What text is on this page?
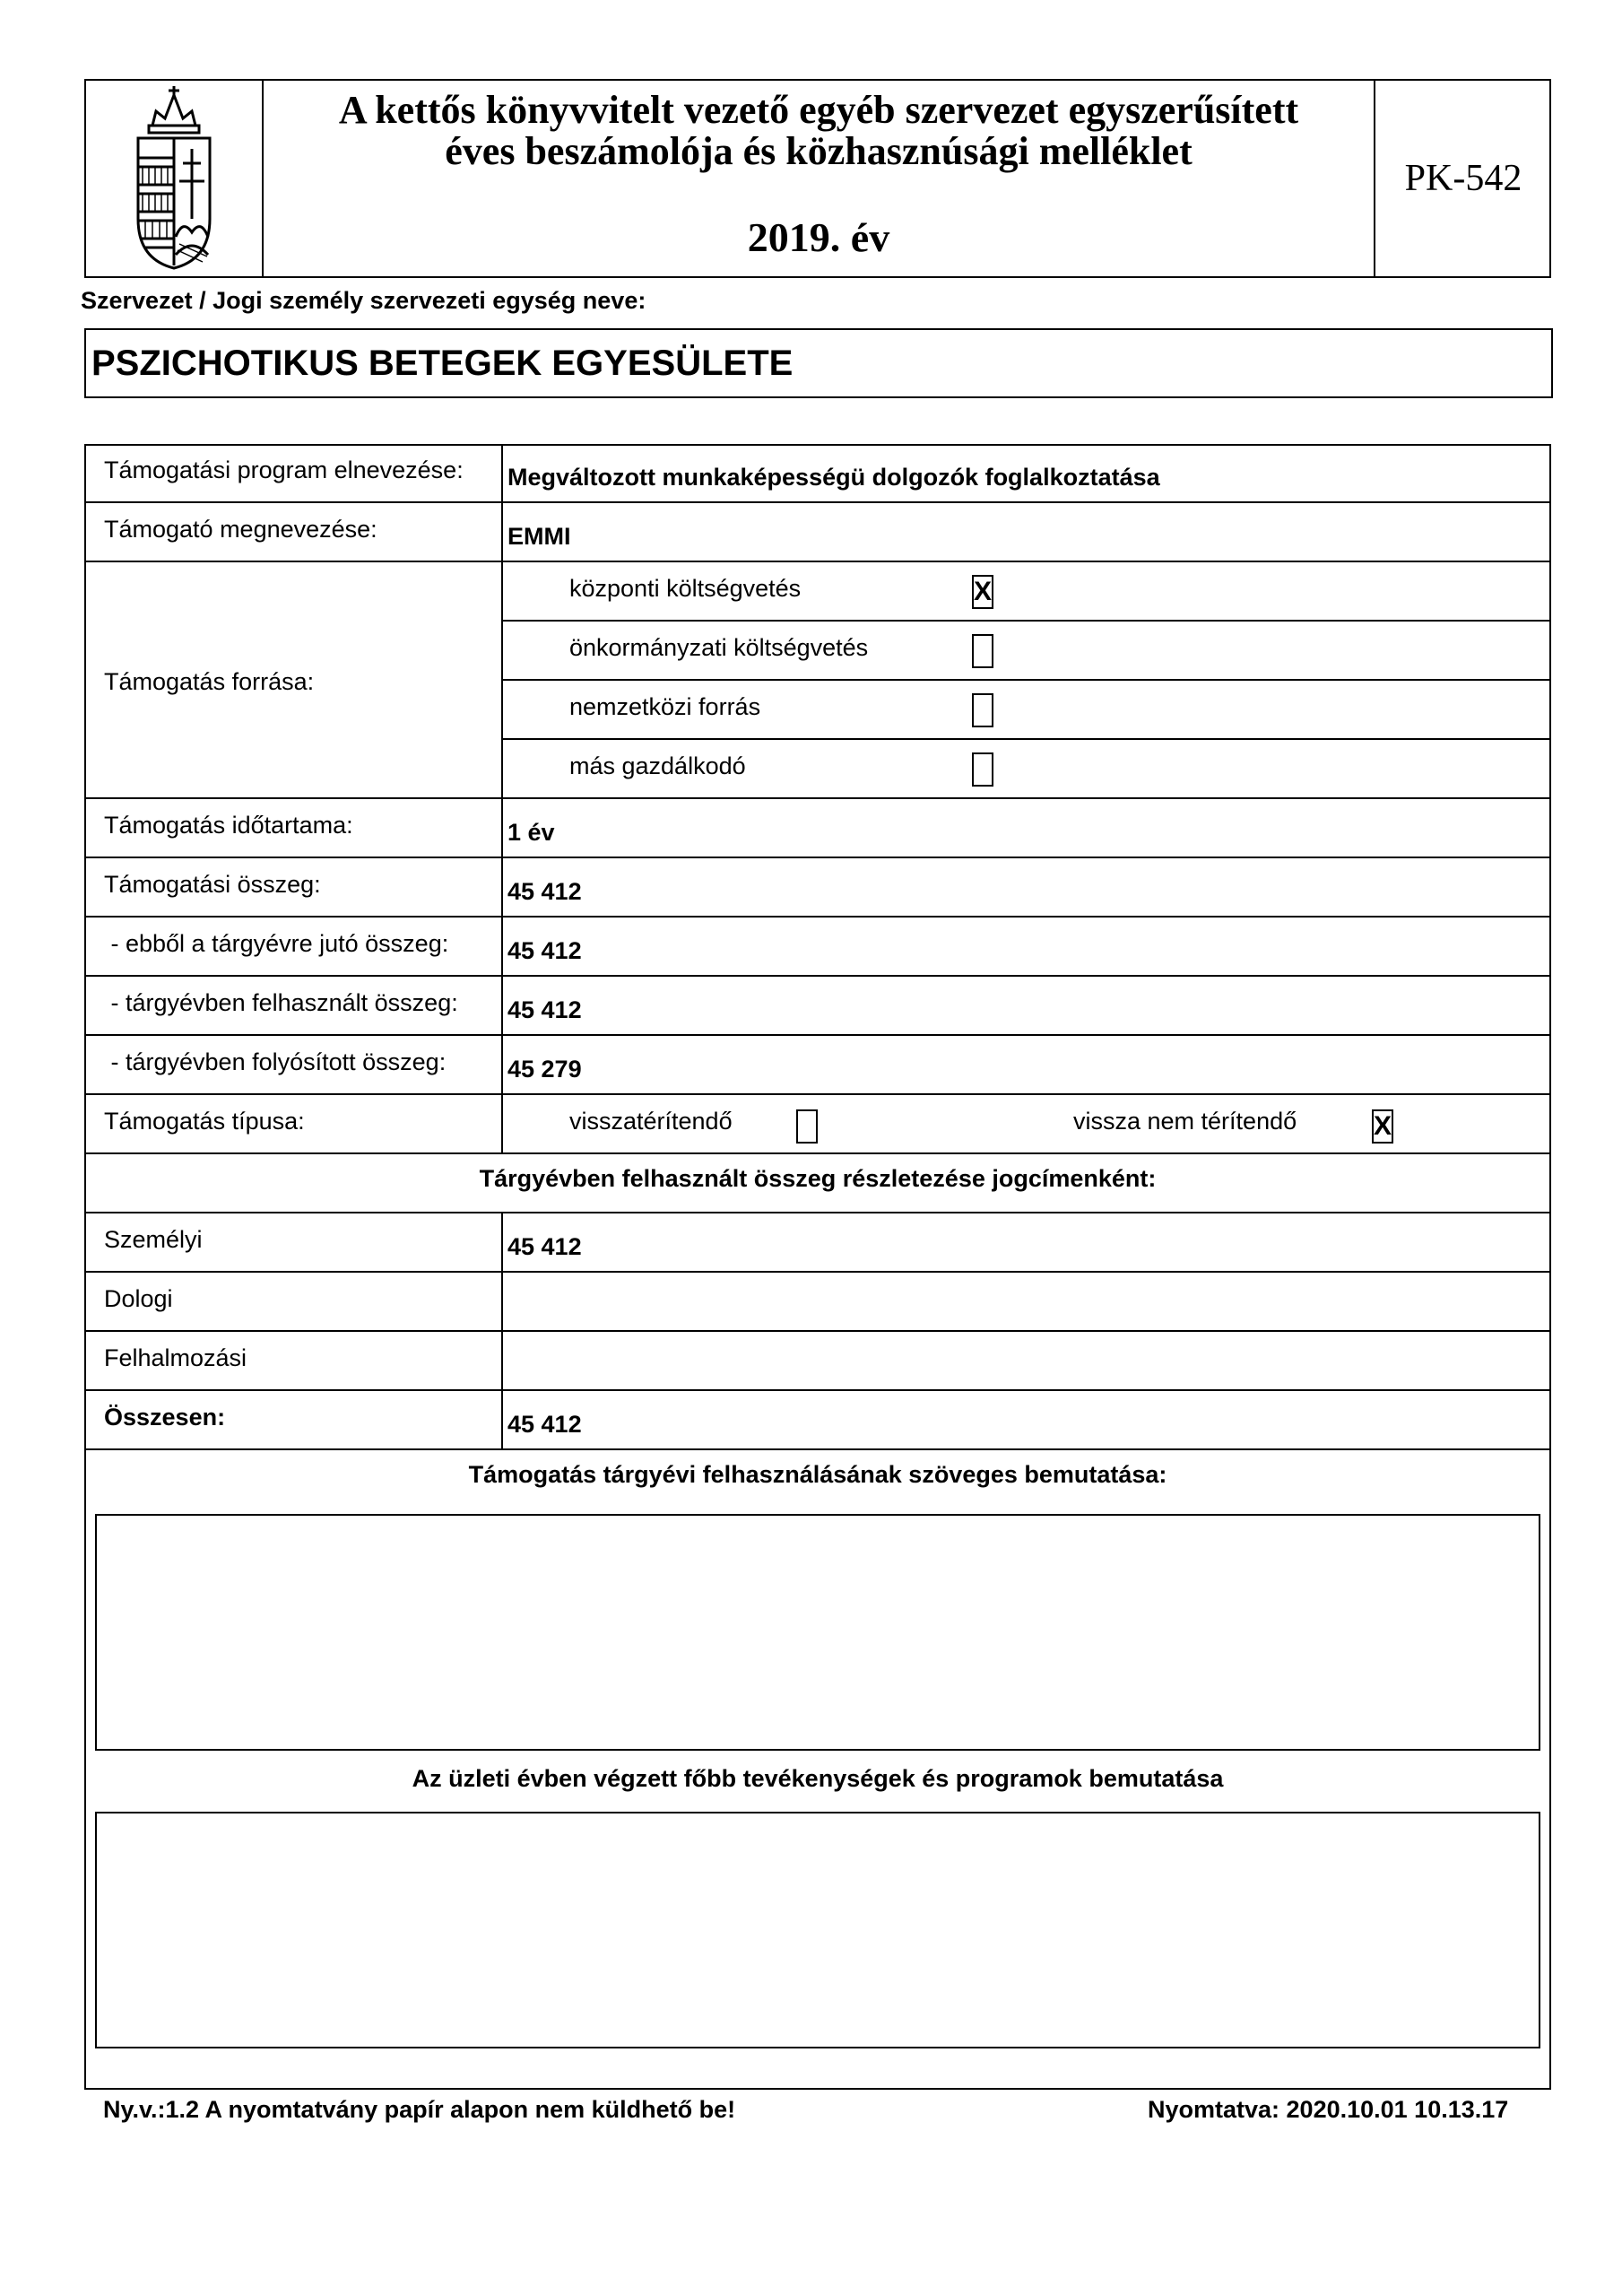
A kettős könyvvitelt vezető egyéb szervezet egyszerűsített
éves beszámolója és közhasznúsági melléklet
2019. év
PK-542
Szervezet / Jogi személy szervezeti egység neve:
PSZICHOTIKUS BETEGEK EGYESÜLETE
Támogatási program elnevezése: Megváltozott munkaképességü dolgozók foglalkoztatása
Támogató megnevezése:	EMMI
Támogatás forrása:
központi költségvetés	X
önkormányzati költségvetés
nemzetközi forrás
más gazdálkodó
Támogatás időtartama:	1 év
Támogatási összeg:	45 412
- ebből a tárgyévre jutó összeg: 45 412
- tárgyévben felhasznált összeg: 45 412
- tárgyévben folyósított összeg:	45 279
Támogatás típusa:	visszatérítendő	vissza nem térítendő	X
Tárgyévben felhasznált összeg részletezése jogcímenként:
Személyi	45 412
Dologi
Felhalmozási
Összesen:	45 412
Támogatás tárgyévi felhasználásának szöveges bemutatása:
Az üzleti évben végzett főbb tevékenységek és programok bemutatása
Ny.v.:1.2 A nyomtatvány papír alapon nem küldhető be!	Nyomtatva: 2020.10.01 10.13.17
